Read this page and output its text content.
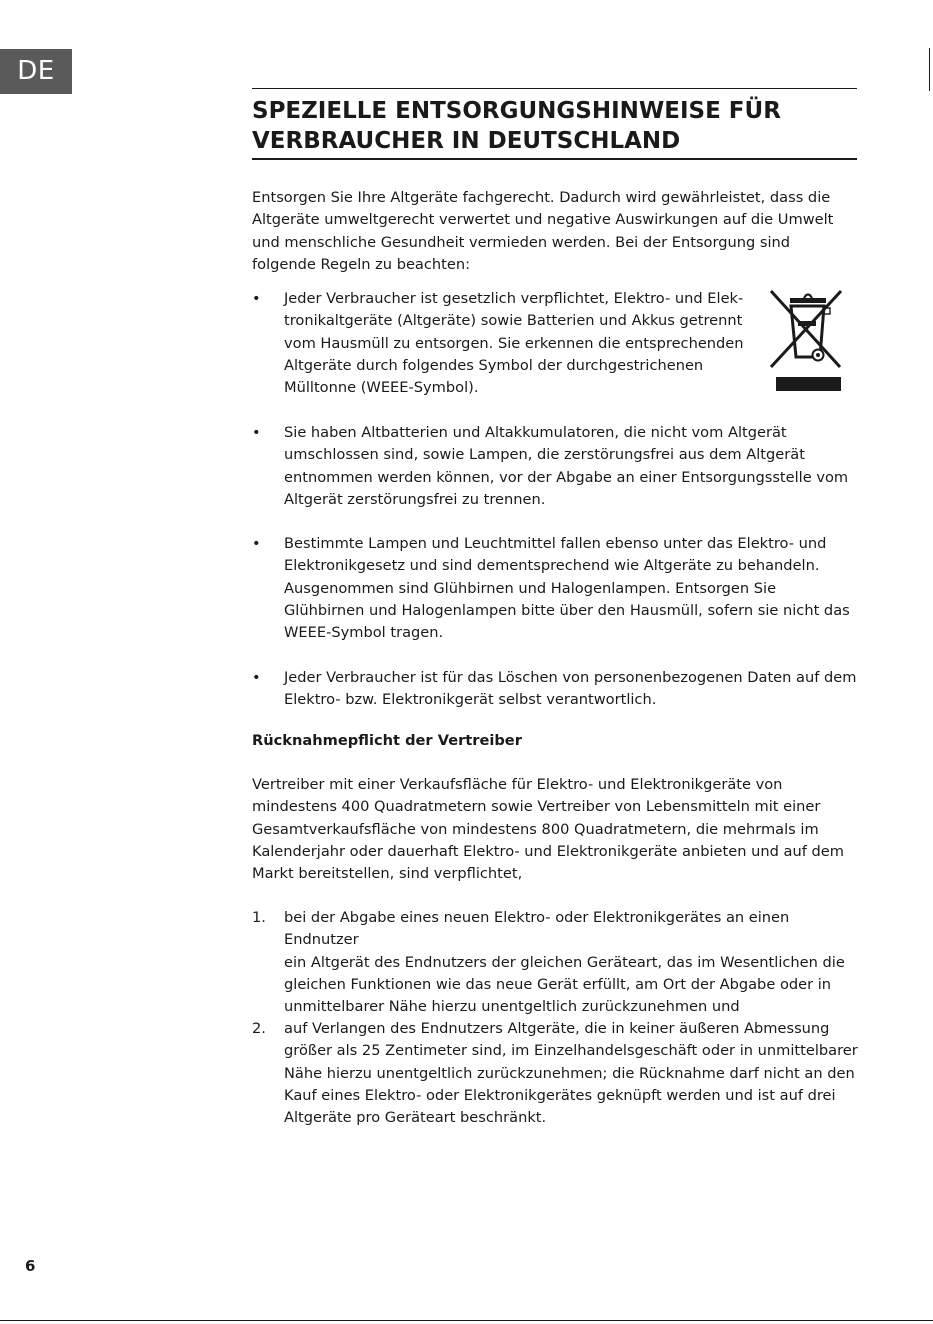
DE
SPEZIELLE ENTSORGUNGSHINWEISE FÜR
VERBRAUCHER IN DEUTSCHLAND

Entsorgen Sie Ihre Altgeräte fachgerecht. Dadurch wird gewährleistet, dass die
Altgeräte umweltgerecht verwertet und negative Auswirkungen auf die Umwelt
und menschliche Gesundheit vermieden werden. Bei der Entsorgung sind
folgende Regeln zu beachten:

• Jeder Verbraucher ist gesetzlich verpflichtet, Elektro- und Elek-
tronikaltgeräte (Altgeräte) sowie Batterien und Akkus getrennt
vom Hausmüll zu entsorgen. Sie erkennen die entsprechenden
Altgeräte durch folgendes Symbol der durchgestrichenen
Mülltonne (WEEE-Symbol).

• Sie haben Altbatterien und Altakkumulatoren, die nicht vom Altgerät
umschlossen sind, sowie Lampen, die zerstörungsfrei aus dem Altgerät
entnommen werden können, vor der Abgabe an einer Entsorgungsstelle vom
Altgerät zerstörungsfrei zu trennen.

• Bestimmte Lampen und Leuchtmittel fallen ebenso unter das Elektro- und
Elektronikgesetz und sind dementsprechend wie Altgeräte zu behandeln.
Ausgenommen sind Glühbirnen und Halogenlampen. Entsorgen Sie
Glühbirnen und Halogenlampen bitte über den Hausmüll, sofern sie nicht das
WEEE-Symbol tragen.

• Jeder Verbraucher ist für das Löschen von personenbezogenen Daten auf dem
Elektro- bzw. Elektronikgerät selbst verantwortlich.

Rücknahmepflicht der Vertreiber

Vertreiber mit einer Verkaufsfläche für Elektro- und Elektronikgeräte von
mindestens 400 Quadratmetern sowie Vertreiber von Lebensmitteln mit einer
Gesamtverkaufsfläche von mindestens 800 Quadratmetern, die mehrmals im
Kalenderjahr oder dauerhaft Elektro- und Elektronikgeräte anbieten und auf dem
Markt bereitstellen, sind verpflichtet,

1. bei der Abgabe eines neuen Elektro- oder Elektronikgerätes an einen Endnutzer
ein Altgerät des Endnutzers der gleichen Geräteart, das im Wesentlichen die
gleichen Funktionen wie das neue Gerät erfüllt, am Ort der Abgabe oder in
unmittelbarer Nähe hierzu unentgeltlich zurückzunehmen und

2. auf Verlangen des Endnutzers Altgeräte, die in keiner äußeren Abmessung
größer als 25 Zentimeter sind, im Einzelhandelsgeschäft oder in unmittelbarer
Nähe hierzu unentgeltlich zurückzunehmen; die Rücknahme darf nicht an den
Kauf eines Elektro- oder Elektronikgerätes geknüpft werden und ist auf drei
Altgeräte pro Geräteart beschränkt.

6
